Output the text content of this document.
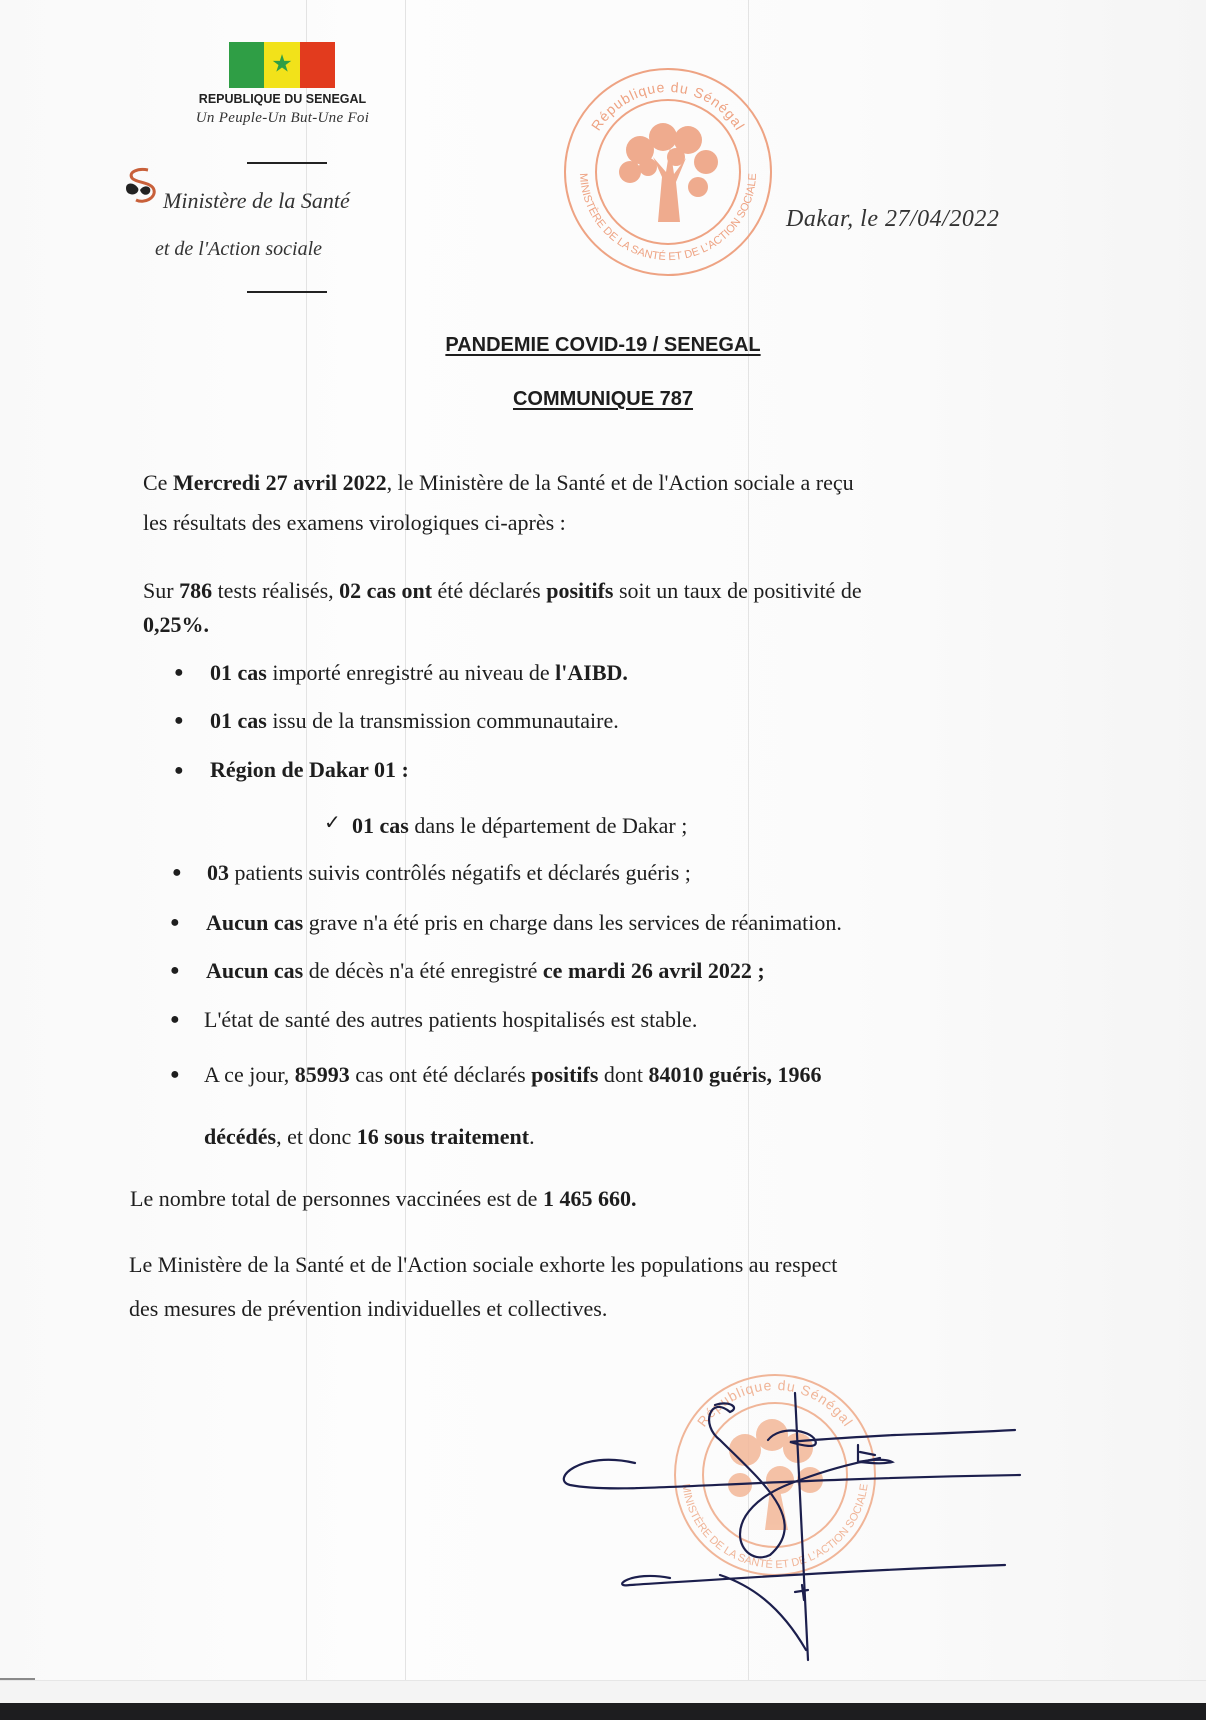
★
REPUBLIQUE DU SENEGAL
Un Peuple-Un But-Une Foi
Ministère de la Santé
et de l'Action sociale
République du Sénégal
MINISTÈRE DE LA SANTÉ ET DE L'ACTION SOCIALE
Dakar, le 27/04/2022
PANDEMIE COVID-19 / SENEGAL
COMMUNIQUE 787
Ce Mercredi 27 avril 2022, le Ministère de la Santé et de l'Action sociale a reçu
les résultats des examens virologiques ci-après :
Sur 786 tests réalisés, 02 cas ont été déclarés positifs soit un taux de positivité de
0,25%.
● 01 cas importé enregistré au niveau de l'AIBD.
● 01 cas issu de la transmission communautaire.
● Région de Dakar 01 :
✓ 01 cas dans le département de Dakar ;
● 03 patients suivis contrôlés négatifs et déclarés guéris ;
● Aucun cas grave n'a été pris en charge dans les services de réanimation.
● Aucun cas de décès n'a été enregistré ce mardi 26 avril 2022 ;
● L'état de santé des autres patients hospitalisés est stable.
● A ce jour, 85993 cas ont été déclarés positifs dont 84010 guéris, 1966
décédés, et donc 16 sous traitement.
Le nombre total de personnes vaccinées est de 1 465 660.
Le Ministère de la Santé et de l'Action sociale exhorte les populations au respect
des mesures de prévention individuelles et collectives.
République du Sénégal
MINISTÈRE DE LA SANTÉ ET DE L'ACTION SOCIALE
